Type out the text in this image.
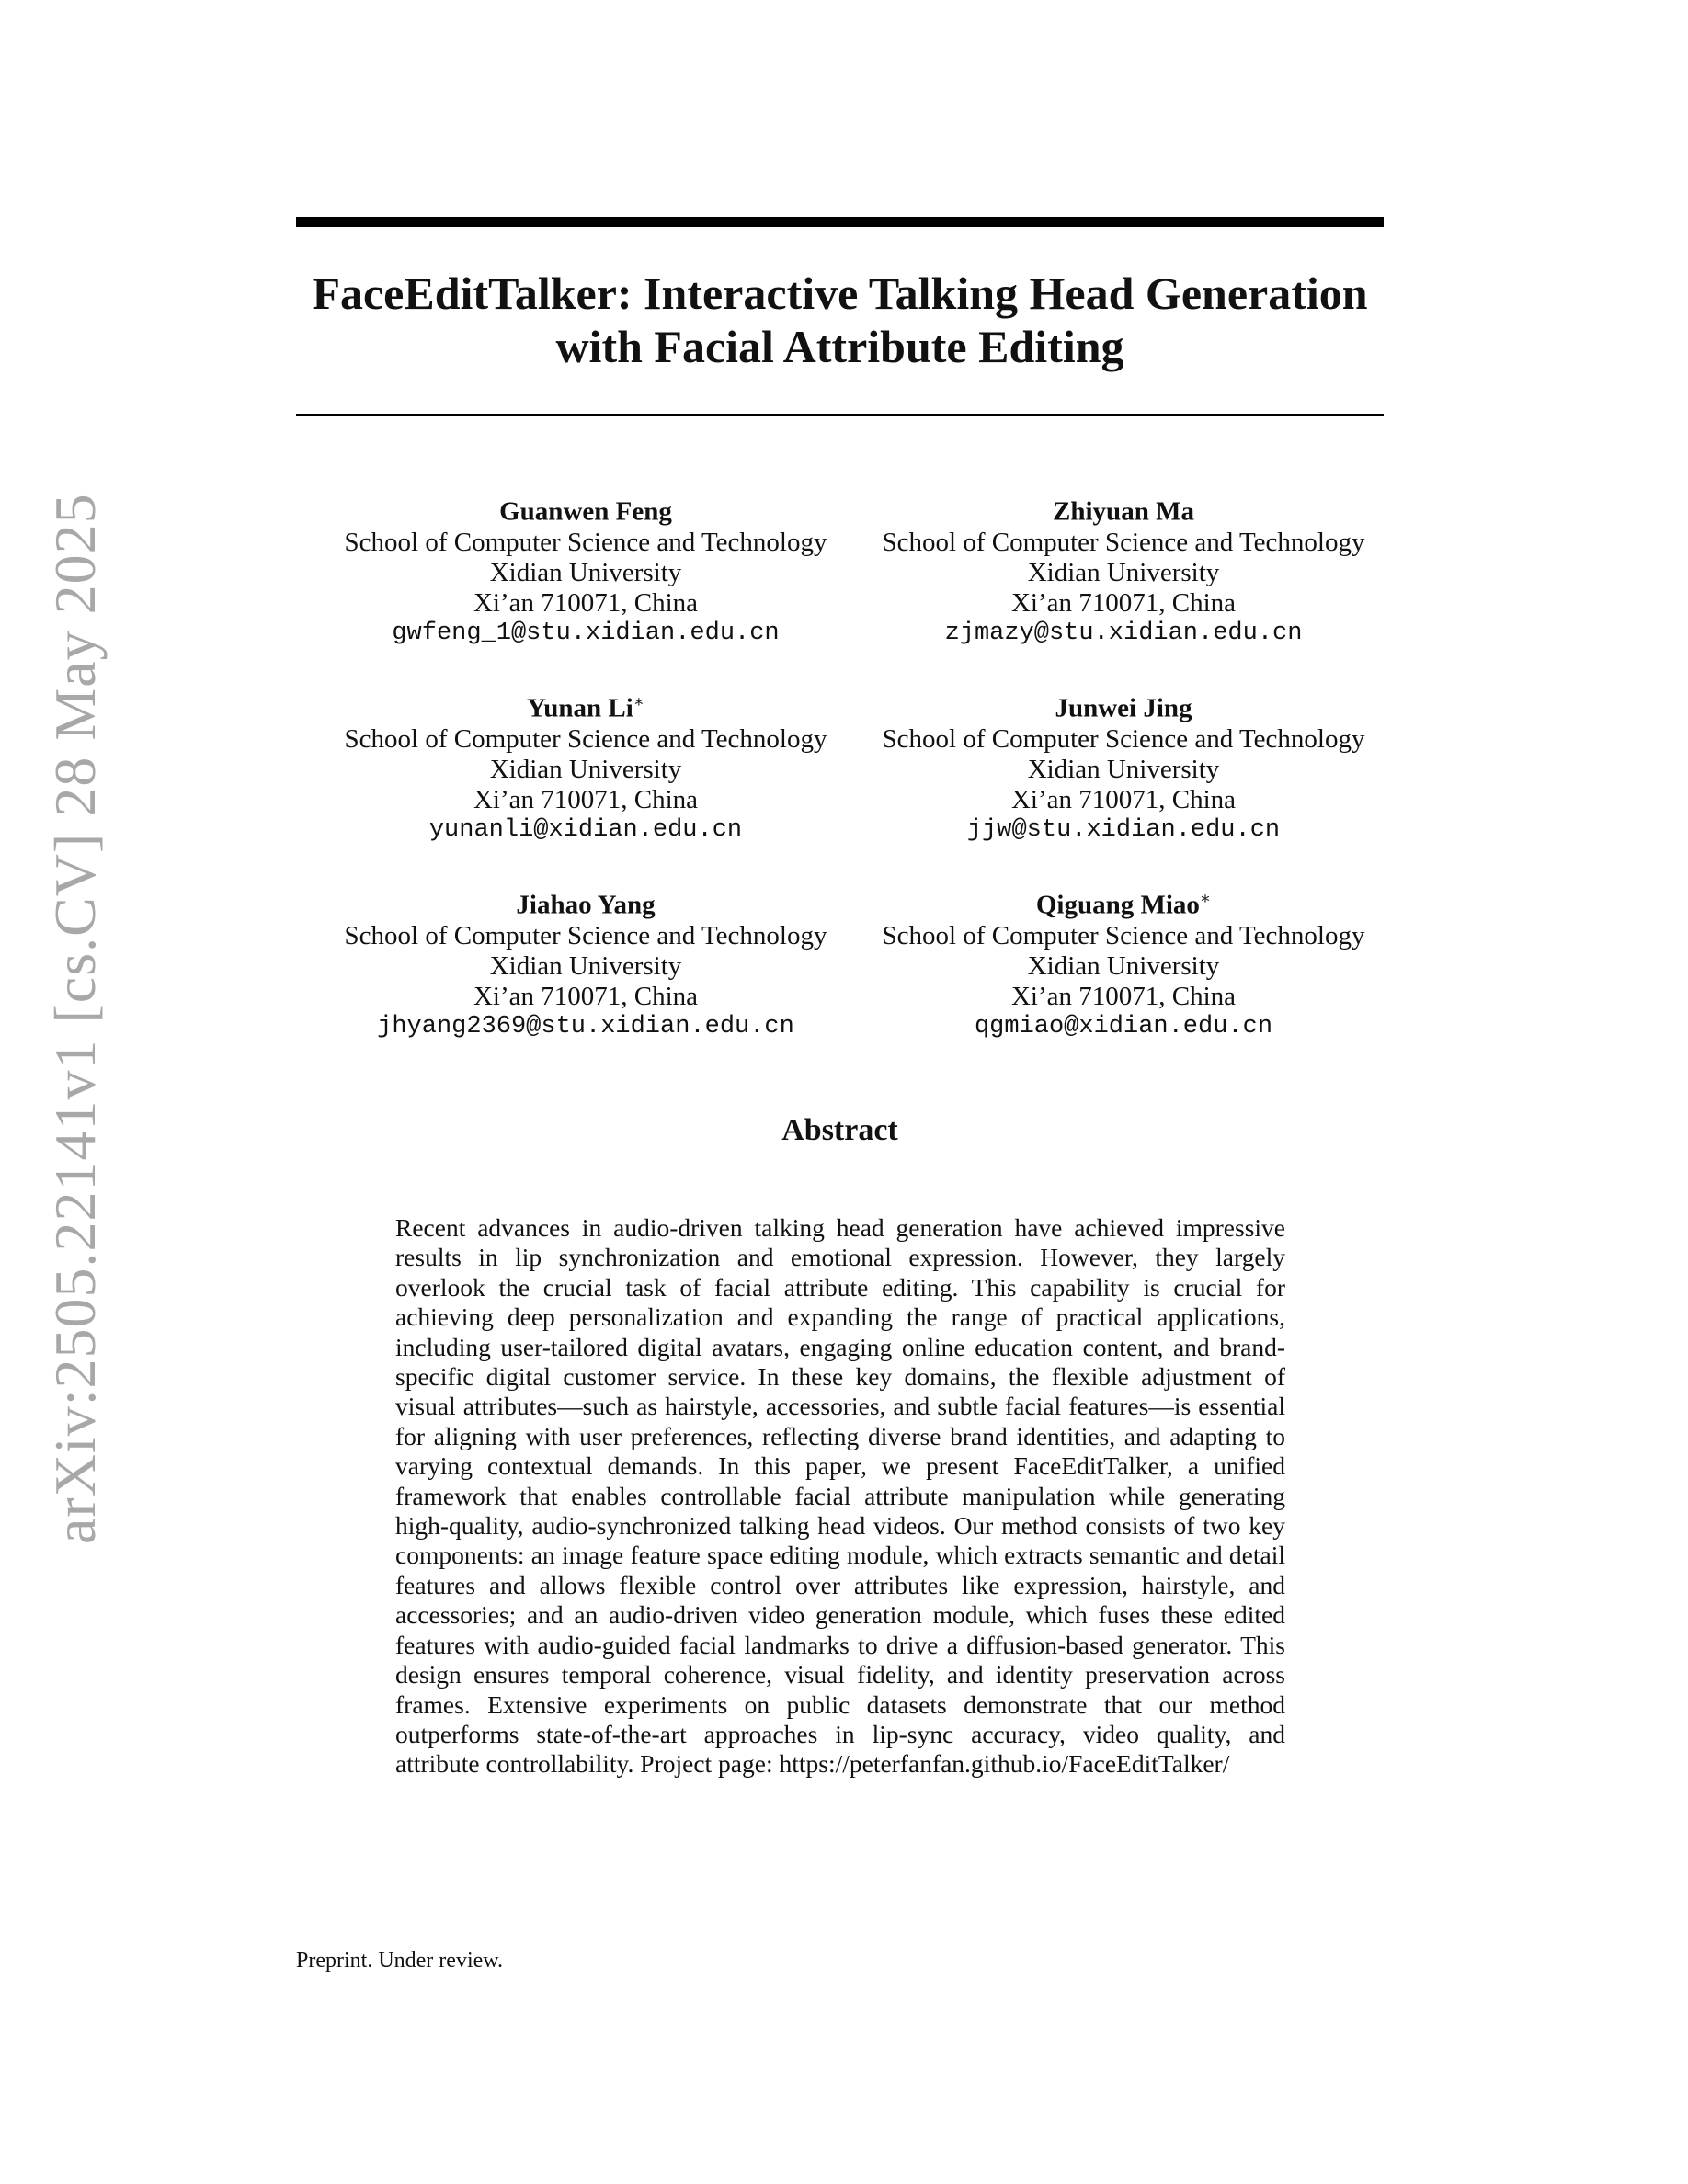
arXiv:2505.22141v1 [cs.CV] 28 May 2025
FaceEditTalker: Interactive Talking Head Generation
with Facial Attribute Editing
Guanwen Feng
School of Computer Science and Technology
Xidian University
Xi’an 710071, China
gwfeng_1@stu.xidian.edu.cn
Zhiyuan Ma
School of Computer Science and Technology
Xidian University
Xi’an 710071, China
zjmazy@stu.xidian.edu.cn
Yunan Li∗
School of Computer Science and Technology
Xidian University
Xi’an 710071, China
yunanli@xidian.edu.cn
Junwei Jing
School of Computer Science and Technology
Xidian University
Xi’an 710071, China
jjw@stu.xidian.edu.cn
Jiahao Yang
School of Computer Science and Technology
Xidian University
Xi’an 710071, China
jhyang2369@stu.xidian.edu.cn
Qiguang Miao∗
School of Computer Science and Technology
Xidian University
Xi’an 710071, China
qgmiao@xidian.edu.cn
Abstract

Recent advances in audio-driven talking head generation have achieved impressive results in lip synchronization and emotional expression. However, they largely overlook the crucial task of facial attribute editing. This capability is crucial for achieving deep personalization and expanding the range of practical applications, including user-tailored digital avatars, engaging online education content, and brand-specific digital customer service. In these key domains, the flexible adjustment of visual attributes—such as hairstyle, accessories, and subtle facial features—is essential for aligning with user preferences, reflecting diverse brand identities, and adapting to varying contextual demands. In this paper, we present FaceEditTalker, a unified framework that enables controllable facial attribute manipulation while generating high-quality, audio-synchronized talking head videos. Our method consists of two key components: an image feature space editing module, which extracts semantic and detail features and allows flexible control over attributes like expression, hairstyle, and accessories; and an audio-driven video generation module, which fuses these edited features with audio-guided facial landmarks to drive a diffusion-based generator. This design ensures temporal coherence, visual fidelity, and identity preservation across frames. Extensive experiments on public datasets demonstrate that our method outperforms state-of-the-art approaches in lip-sync accuracy, video quality, and attribute controllability. Project page: https://peterfanfan.github.io/FaceEditTalker/

Preprint. Under review.
